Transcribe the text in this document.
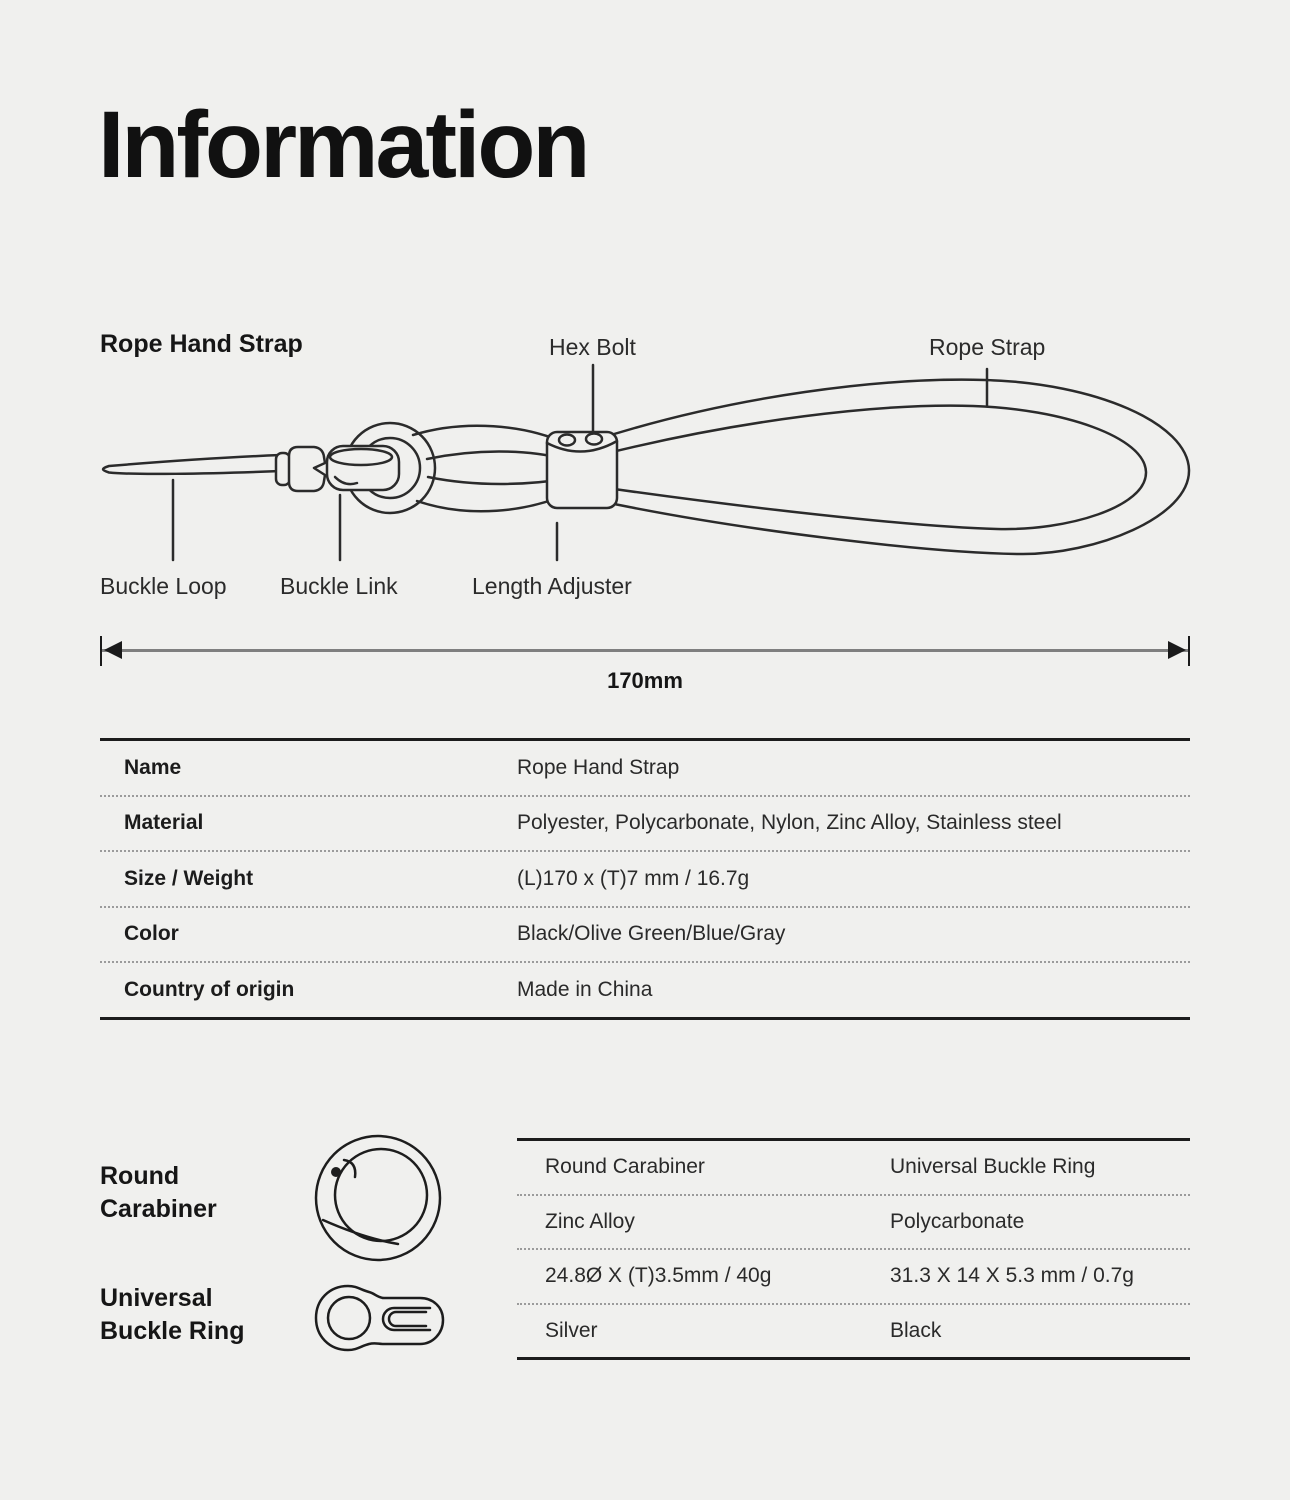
Information
Rope Hand Strap	Hex Bolt	Rope Strap
Buckle Loop Buckle Link	Length Adjuster
170mm
Name	Rope Hand Strap
Material	Polyester, Polycarbonate, Nylon, Zinc Alloy, Stainless steel
Size / Weight	(L)170 x (T)7 mm / 16.7g
Color	Black/Olive Green/Blue/Gray
Country of origin	Made in China
Round
Carabiner
Universal
Buckle Ring
Round Carabiner	Universal Buckle Ring
Zinc Alloy	Polycarbonate
24.8Ø X (T)3.5mm / 40g	31.3 X 14 X 5.3 mm / 0.7g
Silver	Black
